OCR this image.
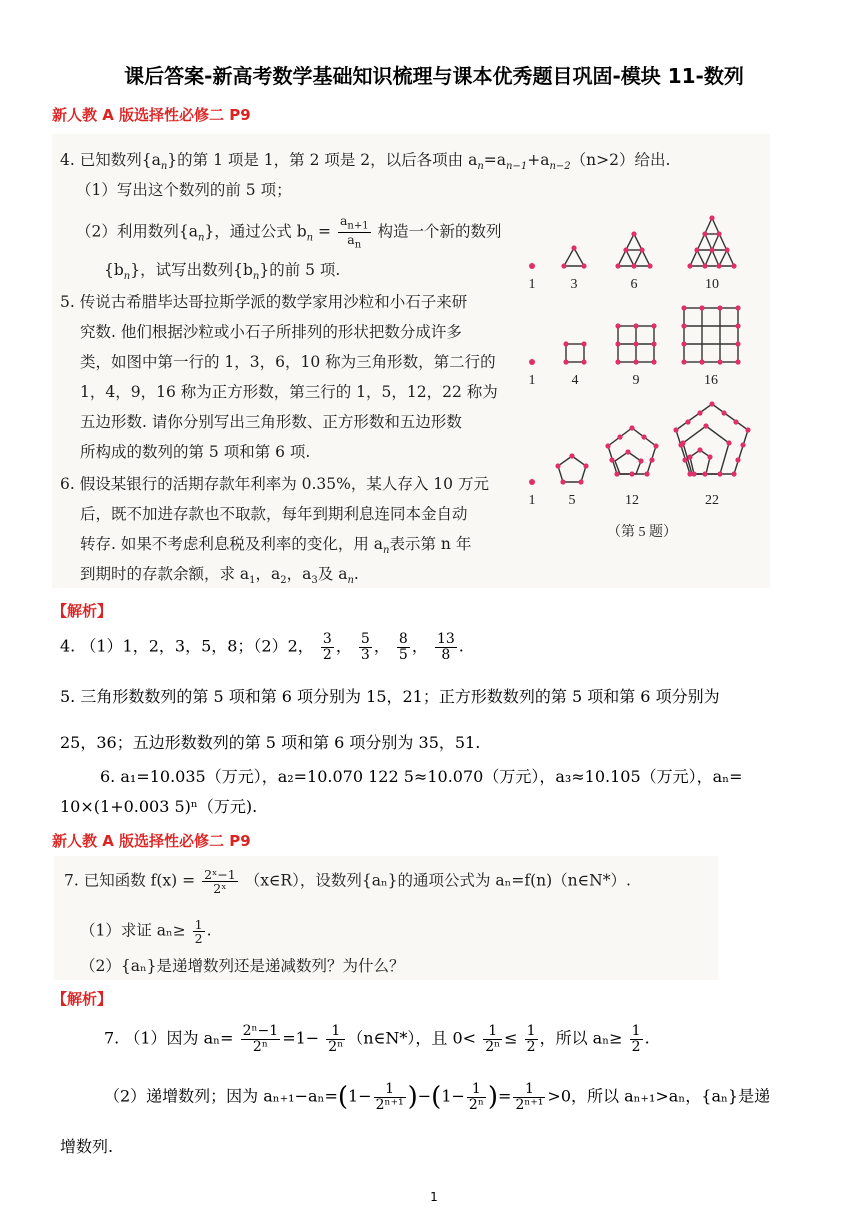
课后答案-新高考数学基础知识梳理与课本优秀题目巩固-模块 11-数列
新人教 A 版选择性必修二 P9
4. 已知数列$\{a_n\}$的第 1 项是 1，第 2 项是 2，以后各项由 $a_n=a_{n-1}+a_{n-2}(n>2)$给出.
（1）写出这个数列的前 5 项；
（2）利用数列$\{a_n\}$，通过公式 $b_n = \frac{a_{n+1}}{a_n}$ 构造一个新的数列
$\{b_n\}$，试写出数列$\{b_n\}$的前 5 项.
5. 传说古希腊毕达哥拉斯学派的数学家用沙粒和小石子来研
究数. 他们根据沙粒或小石子所排列的形状把数分成许多
类，如图中第一行的 1，3，6，10 称为三角形数，第二行的
1，4，9，16 称为正方形数，第三行的 1，5，12，22 称为
五边形数. 请你分别写出三角形数、正方形数和五边形数
所构成的数列的第 5 项和第 6 项.
6. 假设某银行的活期存款年利率为 0.35%，某人存入 10 万元
后，既不加进存款也不取款，每年到期利息连同本金自动
转存. 如果不考虑利息税及利率的变化，用 $a_n$表示第 n 年
到期时的存款余额，求 $a_1$，$a_2$，$a_3$及 $a_n$.
1	3	6	10
1	4	9	16
1 5	12	22
（第 5 题）
【解析】
4. （1）1，2，3，5，8；（2）2， $\frac{3}{2}$ ， $\frac{5}{3}$ ， $\frac{8}{5}$ ， $\frac{13}{8}$ .
5. 三角形数数列的第 5 项和第 6 项分别为 15，21；正方形数数列的第 5 项和第 6 项分别为
25，36；五边形数数列的第 5 项和第 6 项分别为 35，51.
6. a₁=10.035（万元），a₂=10.070 122 5≈10.070（万元），a₃≈10.105（万元），aₙ=
10×(1+0.003 5)ⁿ（万元).
新人教 A 版选择性必修二 P9
7. 已知函数 $f(x) = \frac{\text{2ˣ−1}}{\text{2ˣ}}$ （x∈R），设数列{aₙ}的通项公式为 aₙ=f(n)（n∈N*）.
（1）求证 $a_n\ge \frac{1}{2}$ .
（2）{aₙ}是递增数列还是递减数列？为什么？
【解析】
7. （1）因为 $a_n= \frac{\text{2ⁿ−1}}{\text{2ⁿ}} =1- \frac{1}{\text{2ⁿ}}$ （n∈N*），且 $0< \frac{1}{\text{2ⁿ}} \le \frac{1}{2}$ ，所以 $a_n\ge \frac{1}{2}$ .
（2）递增数列；因为 $a_{n+1}-a_n=(1- \frac{1}{\text{2ⁿ⁺¹}} )-(1- \frac{1}{\text{2ⁿ}}$ )= $\frac{1}{\text{2ⁿ⁺¹}} >0$，所以 aₙ₊₁>aₙ，{aₙ}是递
增数列.
1
